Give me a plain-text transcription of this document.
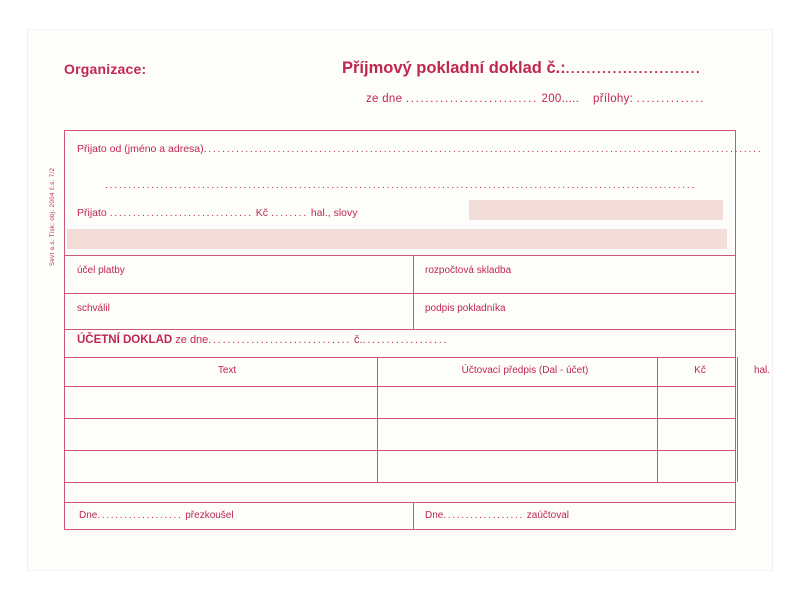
Organizace:	Příjmový pokladní doklad č.:..........................
ze dne ........................... 200..... přílohy: ..............
Sevt a.s. Tisk: obj. 2004 č.s. 7/2
Přijato od (jméno a adresa).........................................................................................................................
................................................................................................................................
Přijato ............................... Kč ........ hal., slovy
účel platby	rozpočtová skladba
schválil	podpis pokladníka
ÚČETNÍ DOKLAD ze dne.............................. č...................
Text	Účtovací předpis (Dal - účet)	Kč	hal.
Dne................... přezkoušel	Dne.................. zaúčtoval
